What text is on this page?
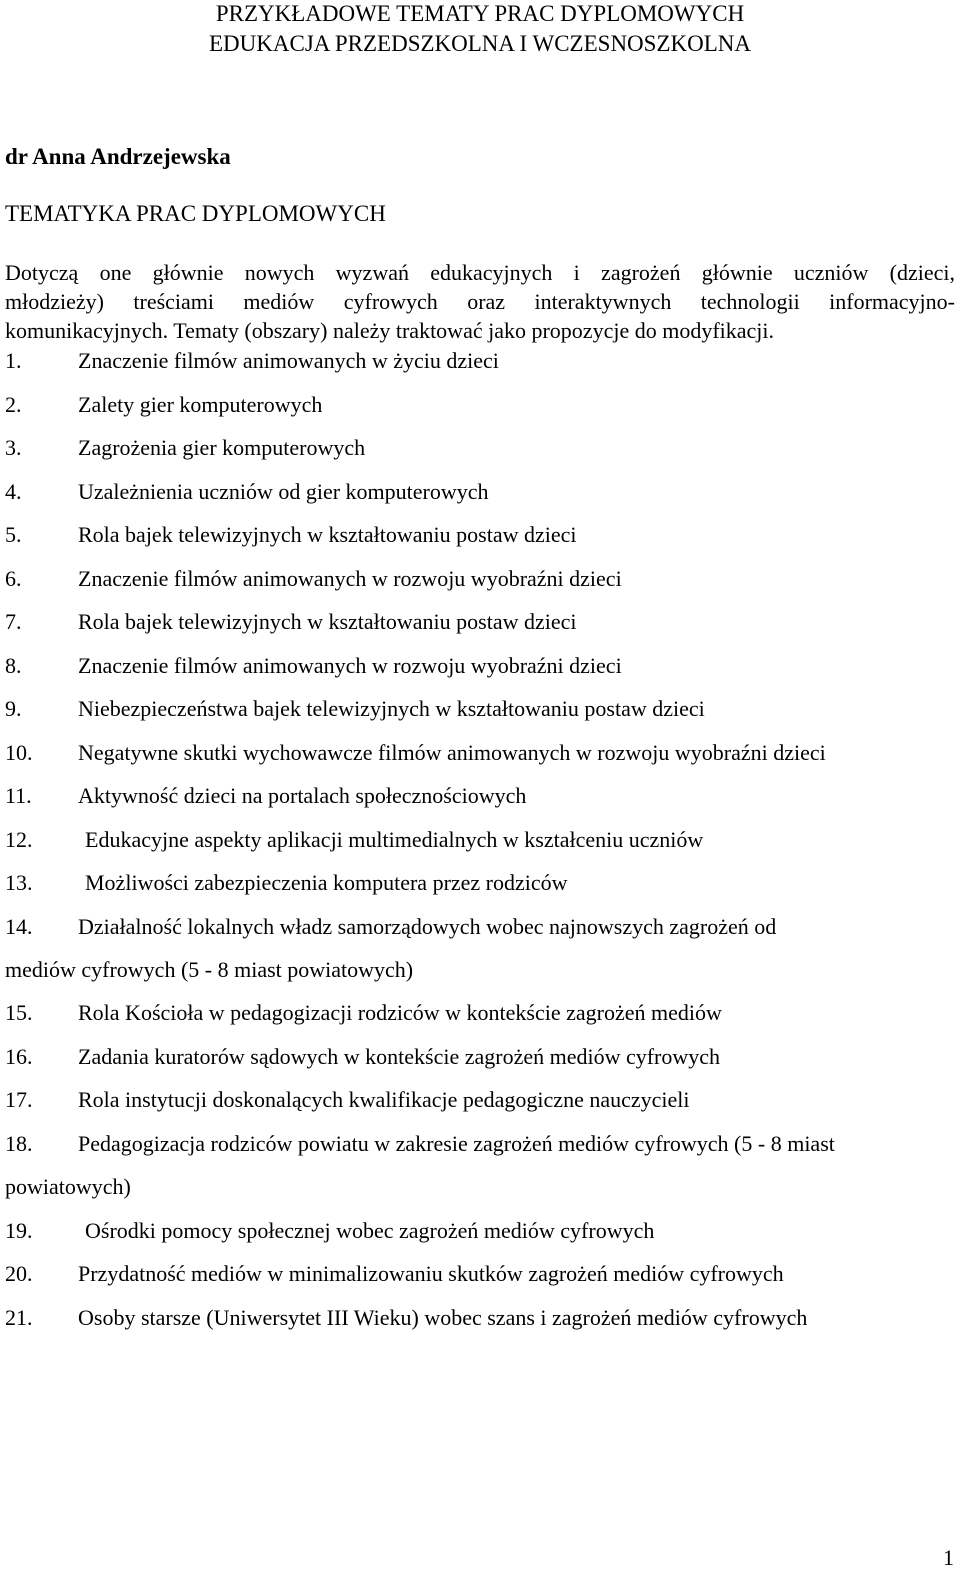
PRZYKŁADOWE TEMATY PRAC DYPLOMOWYCH
EDUKACJA PRZEDSZKOLNA I WCZESNOSZKOLNA
dr Anna Andrzejewska
TEMATYKA PRAC DYPLOMOWYCH
Dotyczą one głównie nowych wyzwań edukacyjnych i zagrożeń głównie uczniów (dzieci,
młodzieży) treściami mediów cyfrowych oraz interaktywnych technologii informacyjno-
komunikacyjnych. Tematy (obszary) należy traktować jako propozycje do modyfikacji.
1.	Znaczenie filmów animowanych w życiu dzieci
2.	Zalety gier komputerowych
3.	Zagrożenia gier komputerowych
4.	Uzależnienia uczniów od gier komputerowych
5.	Rola bajek telewizyjnych w kształtowaniu postaw dzieci
6.	Znaczenie filmów animowanych w rozwoju wyobraźni dzieci
7.	Rola bajek telewizyjnych w kształtowaniu postaw dzieci
8.	Znaczenie filmów animowanych w rozwoju wyobraźni dzieci
9.	Niebezpieczeństwa bajek telewizyjnych w kształtowaniu postaw dzieci
10. Negatywne skutki wychowawcze filmów animowanych w rozwoju wyobraźni dzieci
11. Aktywność dzieci na portalach społecznościowych
12. Edukacyjne aspekty aplikacji multimedialnych w kształceniu uczniów
13. Możliwości zabezpieczenia komputera przez rodziców
14. Działalność lokalnych władz samorządowych wobec najnowszych zagrożeń od
mediów cyfrowych (5 - 8 miast powiatowych)
15. Rola Kościoła w pedagogizacji rodziców w kontekście zagrożeń mediów
16. Zadania kuratorów sądowych w kontekście zagrożeń mediów cyfrowych
17. Rola instytucji doskonalących kwalifikacje pedagogiczne nauczycieli
18. Pedagogizacja rodziców powiatu w zakresie zagrożeń mediów cyfrowych (5 - 8 miast
powiatowych)
19. Ośrodki pomocy społecznej wobec zagrożeń mediów cyfrowych
20. Przydatność mediów w minimalizowaniu skutków zagrożeń mediów cyfrowych
21. Osoby starsze (Uniwersytet III Wieku) wobec szans i zagrożeń mediów cyfrowych
1
